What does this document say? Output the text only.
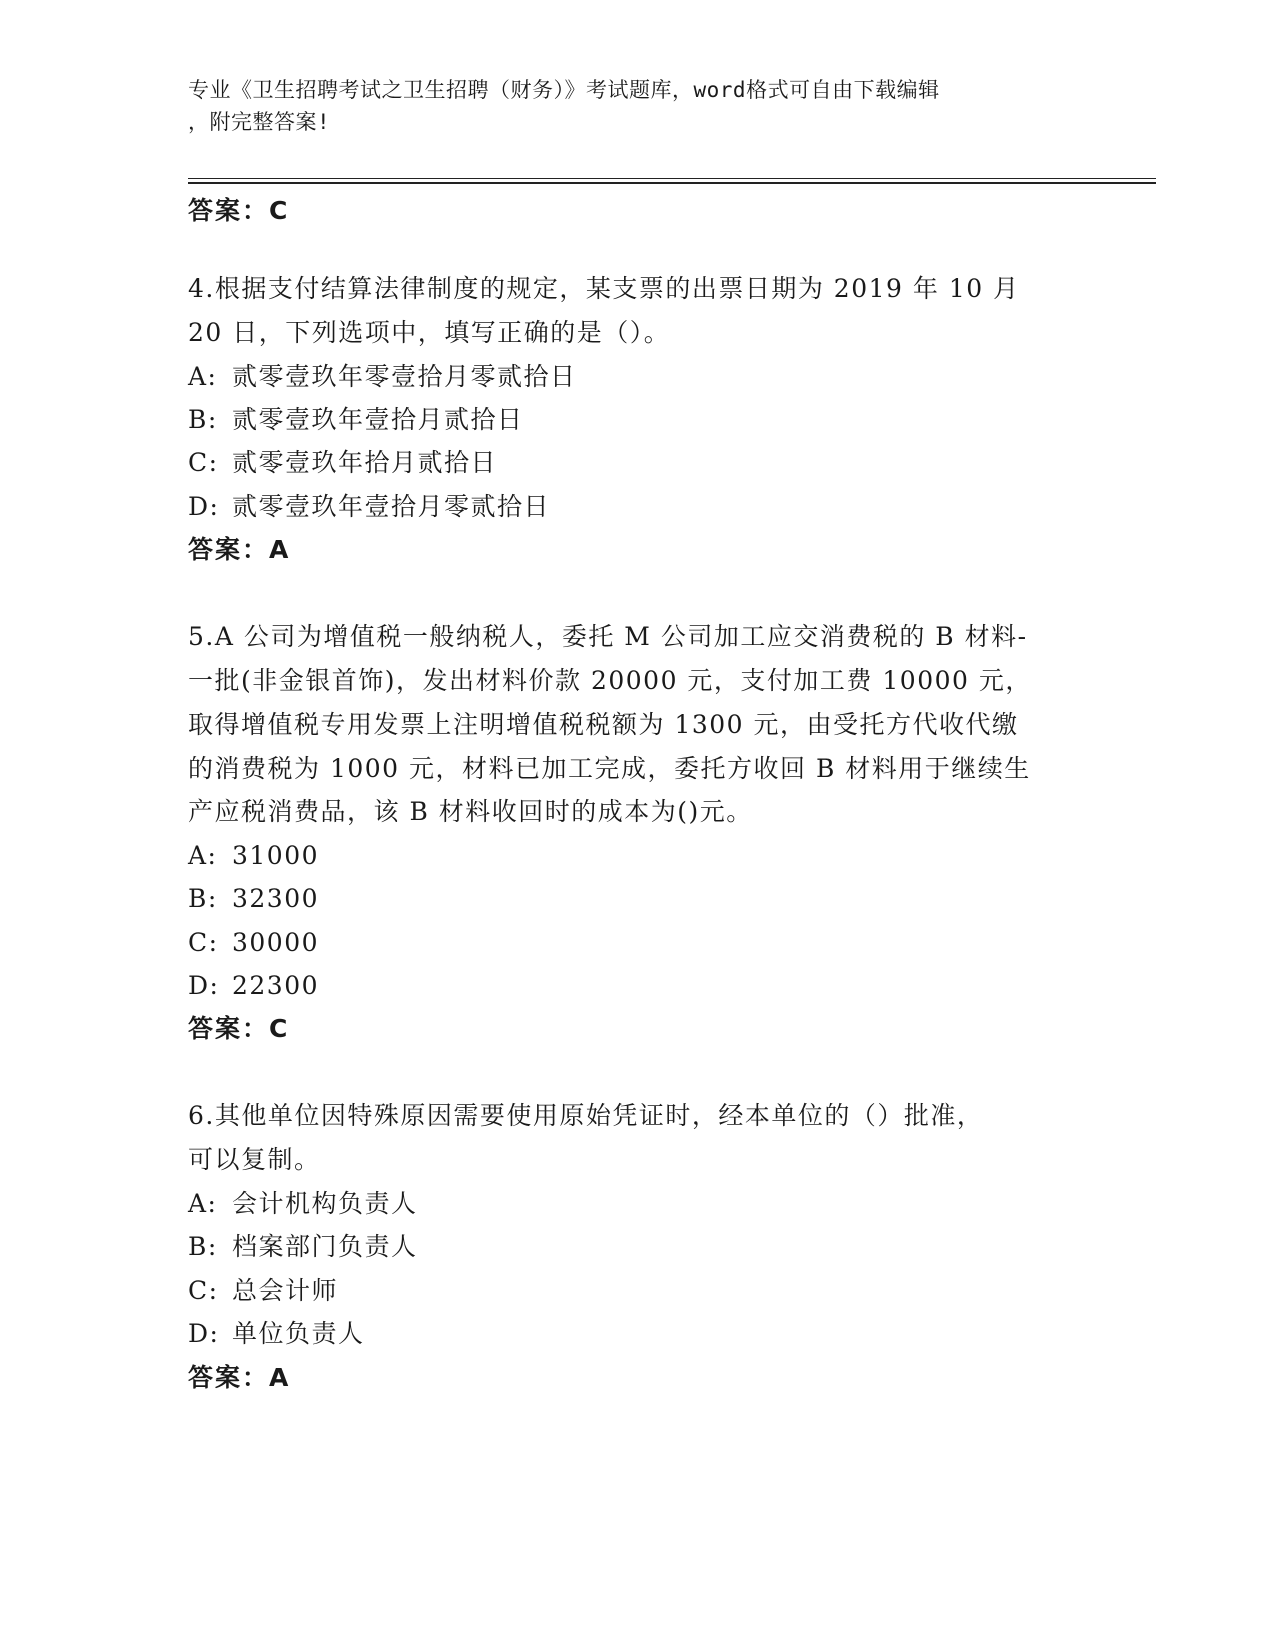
专业《卫生招聘考试之卫生招聘（财务）》考试题库，word格式可自由下载编辑
，附完整答案!
答案：C
4.根据支付结算法律制度的规定，某支票的出票日期为 2019 年 10 月
20 日，下列选项中，填写正确的是（）。
A: 贰零壹玖年零壹拾月零贰拾日
B: 贰零壹玖年壹拾月贰拾日
C: 贰零壹玖年拾月贰拾日
D: 贰零壹玖年壹拾月零贰拾日
答案：A
5.A 公司为增值税一般纳税人，委托 M 公司加工应交消费税的 B 材料-
一批(非金银首饰)，发出材料价款 20000 元，支付加工费 10000 元，
取得增值税专用发票上注明增值税税额为 1300 元，由受托方代收代缴
的消费税为 1000 元，材料已加工完成，委托方收回 B 材料用于继续生
产应税消费品，该 B 材料收回时的成本为()元。
A: 31000
B: 32300
C: 30000
D: 22300
答案：C
6.其他单位因特殊原因需要使用原始凭证时，经本单位的（）批准，
可以复制。
A: 会计机构负责人
B: 档案部门负责人
C: 总会计师
D: 单位负责人
答案：A
